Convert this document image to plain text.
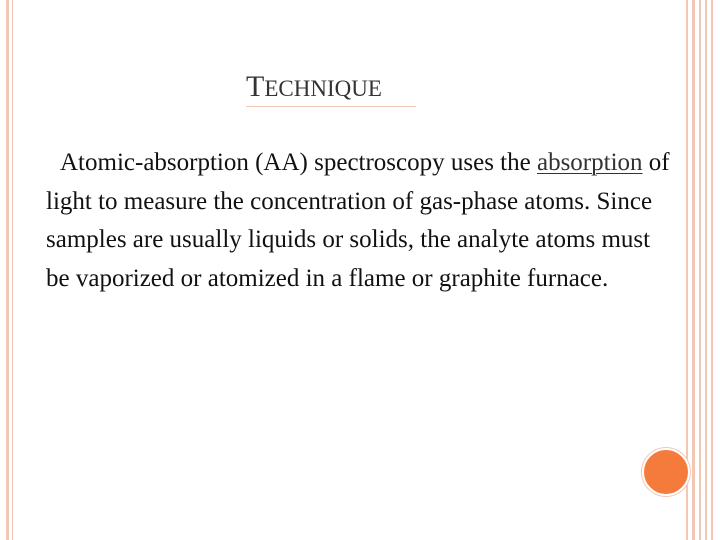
TECHNIQUE
Atomic-absorption (AA) spectroscopy uses the absorption of light to measure the concentration of gas-phase atoms. Since samples are usually liquids or solids, the analyte atoms must be vaporized or atomized in a flame or graphite furnace.
